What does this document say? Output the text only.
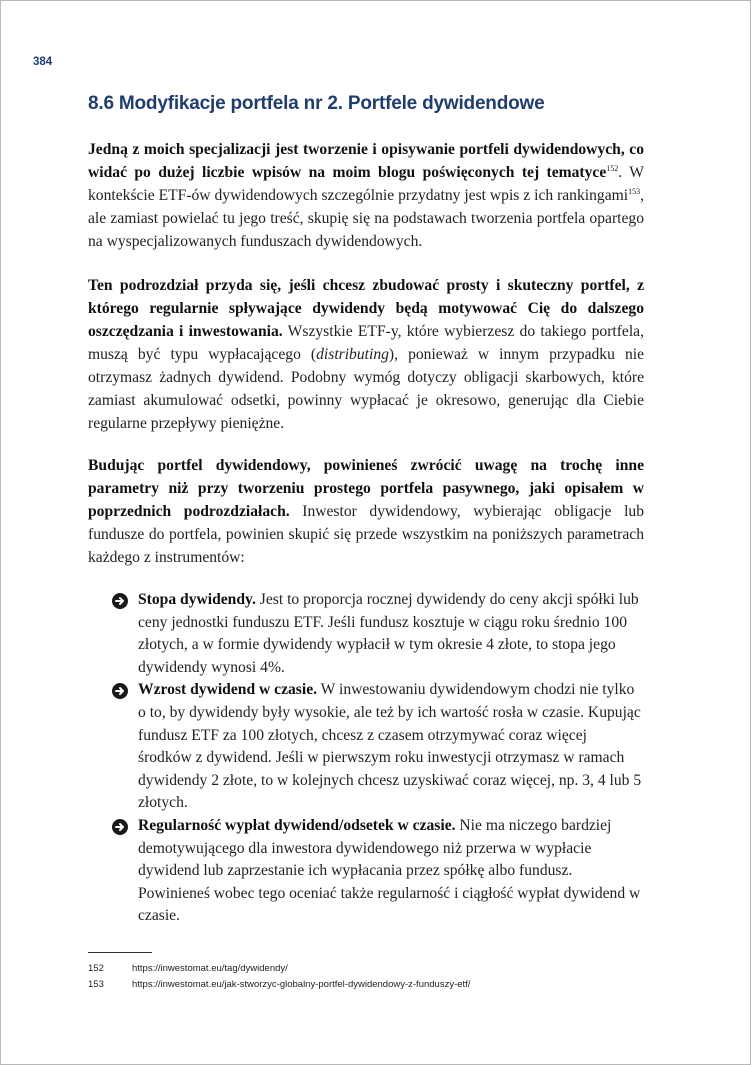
384
8.6 Modyfikacje portfela nr 2. Portfele dywidendowe

Jedną z moich specjalizacji jest tworzenie i opisywanie portfeli dywidendowych, co widać po dużej liczbie wpisów na moim blogu poświęconych tej tematyce$^{152}$. W kontekście ETF-ów dywidendowych szczególnie przydatny jest wpis z ich rankingami$^{153}$, ale zamiast powielać tu jego treść, skupię się na podstawach tworzenia portfela opartego na wyspecjalizowanych funduszach dywidendowych.

Ten podrozdział przyda się, jeśli chcesz zbudować prosty i skuteczny portfel, z którego regularnie spływające dywidendy będą motywować Cię do dalszego oszczędzania i inwestowania. Wszystkie ETF-y, które wybierzesz do takiego portfela, muszą być typu wypłacającego (distributing), ponieważ w innym przypadku nie otrzymasz żadnych dywidend. Podobny wymóg dotyczy obligacji skarbowych, które zamiast akumulować odsetki, powinny wypłacać je okresowo, generując dla Ciebie regularne przepływy pieniężne.

Budując portfel dywidendowy, powinieneś zwrócić uwagę na trochę inne parametry niż przy tworzeniu prostego portfela pasywnego, jaki opisałem w poprzednich podrozdziałach. Inwestor dywidendowy, wybierając obligacje lub fundusze do portfela, powinien skupić się przede wszystkim na poniższych parametrach każdego z instrumentów:

Stopa dywidendy. Jest to proporcja rocznej dywidendy do ceny akcji spółki lub ceny jednostki funduszu ETF. Jeśli fundusz kosztuje w ciągu roku średnio 100 złotych, a w formie dywidendy wypłacił w tym okresie 4 złote, to stopa jego dywidendy wynosi 4%.
Wzrost dywidend w czasie. W inwestowaniu dywidendowym chodzi nie tylko o to, by dywidendy były wysokie, ale też by ich wartość rosła w czasie. Kupując fundusz ETF za 100 złotych, chcesz z czasem otrzymywać coraz więcej środków z dywidend. Jeśli w pierwszym roku inwestycji otrzymasz w ramach dywidendy 2 złote, to w kolejnych chcesz uzyskiwać coraz więcej, np. 3, 4 lub 5 złotych.
Regularność wypłat dywidend/odsetek w czasie. Nie ma niczego bardziej demotywującego dla inwestora dywidendowego niż przerwa w wypłacie dywidend lub zaprzestanie ich wypłacania przez spółkę albo fundusz. Powinieneś wobec tego oceniać także regularność i ciągłość wypłat dywidend w czasie.
152	https://inwestomat.eu/tag/dywidendy/
153	https://inwestomat.eu/jak-stworzyc-globalny-portfel-dywidendowy-z-funduszy-etf/
